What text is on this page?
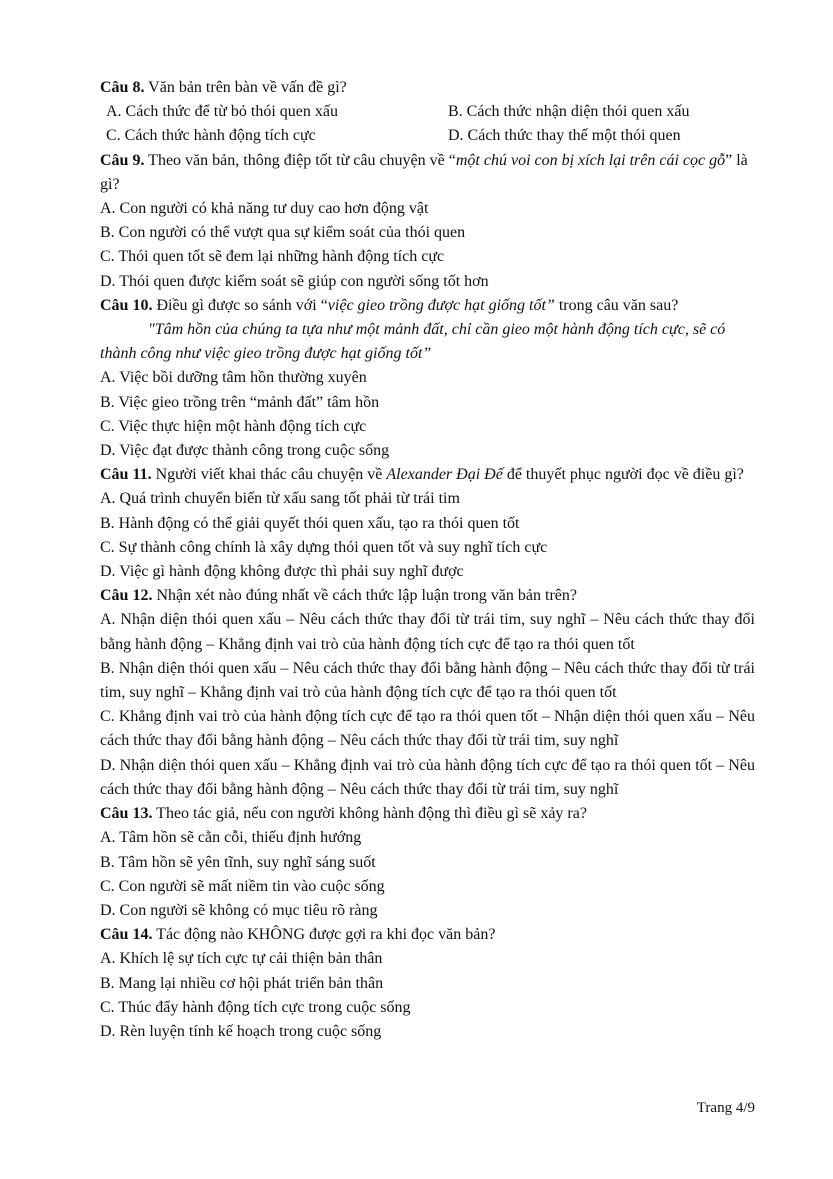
Câu 8. Văn bản trên bàn về vấn đề gì?
A. Cách thức để từ bỏ thói quen xấu	B. Cách thức nhận diện thói quen xấu
C. Cách thức hành động tích cực	D. Cách thức thay thế một thói quen
Câu 9. Theo văn bản, thông điệp tốt từ câu chuyện về “một chú voi con bị xích lại trên cái cọc gỗ” là gì?
A. Con người có khả năng tư duy cao hơn động vật
B. Con người có thể vượt qua sự kiểm soát của thói quen
C. Thói quen tốt sẽ đem lại những hành động tích cực
D. Thói quen được kiểm soát sẽ giúp con người sống tốt hơn
Câu 10. Điều gì được so sánh với “việc gieo trồng được hạt giống tốt” trong câu văn sau?
"Tâm hồn của chúng ta tựa như một mảnh đất, chỉ cần gieo một hành động tích cực, sẽ có thành công như việc gieo trồng được hạt giống tốt”
A. Việc bồi dưỡng tâm hồn thường xuyên
B. Việc gieo trồng trên “mảnh đất” tâm hồn
C. Việc thực hiện một hành động tích cực
D. Việc đạt được thành công trong cuộc sống
Câu 11. Người viết khai thác câu chuyện về Alexander Đại Đế để thuyết phục người đọc về điều gì?
A. Quá trình chuyển biến từ xấu sang tốt phải từ trái tim
B. Hành động có thể giải quyết thói quen xấu, tạo ra thói quen tốt
C. Sự thành công chính là xây dựng thói quen tốt và suy nghĩ tích cực
D. Việc gì hành động không được thì phải suy nghĩ được
Câu 12. Nhận xét nào đúng nhất về cách thức lập luận trong văn bản trên?
A. Nhận diện thói quen xấu – Nêu cách thức thay đổi từ trái tim, suy nghĩ – Nêu cách thức thay đổi bằng hành động – Khẳng định vai trò của hành động tích cực để tạo ra thói quen tốt
B. Nhận diện thói quen xấu – Nêu cách thức thay đổi bằng hành động – Nêu cách thức thay đổi từ trái tim, suy nghĩ – Khẳng định vai trò của hành động tích cực để tạo ra thói quen tốt
C. Khẳng định vai trò của hành động tích cực để tạo ra thói quen tốt – Nhận diện thói quen xấu – Nêu cách thức thay đổi bằng hành động – Nêu cách thức thay đổi từ trái tim, suy nghĩ
D. Nhận diện thói quen xấu – Khẳng định vai trò của hành động tích cực để tạo ra thói quen tốt – Nêu cách thức thay đổi bằng hành động – Nêu cách thức thay đổi từ trái tim, suy nghĩ
Câu 13. Theo tác giả, nếu con người không hành động thì điều gì sẽ xảy ra?
A. Tâm hồn sẽ cằn cỗi, thiếu định hướng
B. Tâm hồn sẽ yên tĩnh, suy nghĩ sáng suốt
C. Con người sẽ mất niềm tin vào cuộc sống
D. Con người sẽ không có mục tiêu rõ ràng
Câu 14. Tác động nào KHÔNG được gợi ra khi đọc văn bản?
A. Khích lệ sự tích cực tự cải thiện bản thân
B. Mang lại nhiều cơ hội phát triển bản thân
C. Thúc đẩy hành động tích cực trong cuộc sống
D. Rèn luyện tính kế hoạch trong cuộc sống
Trang 4/9
